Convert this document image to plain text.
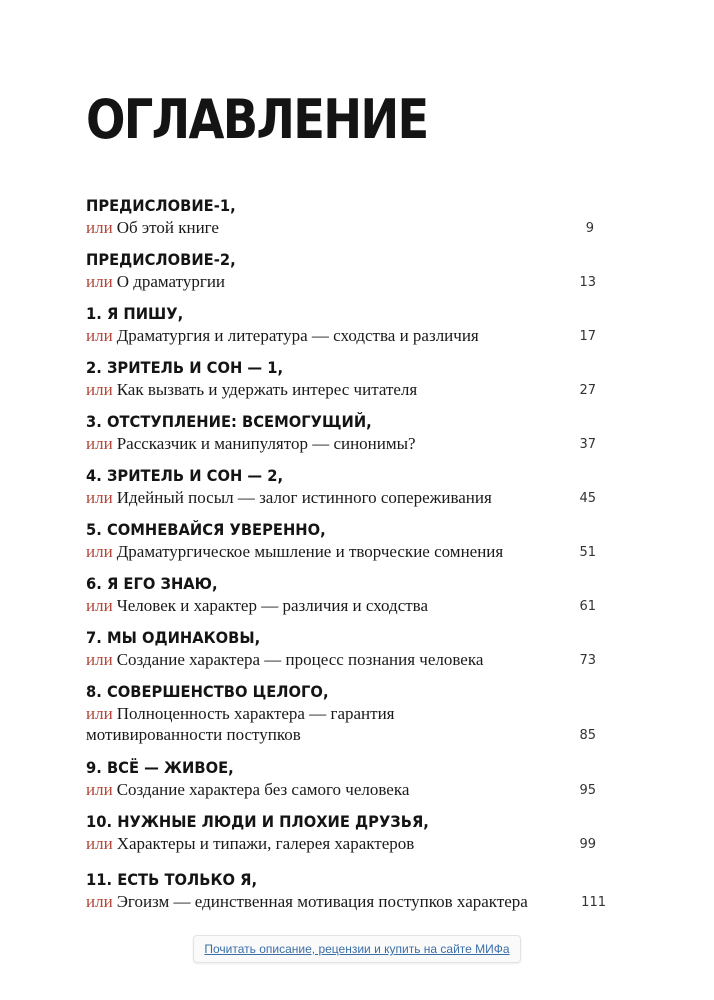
ОГЛАВЛЕНИЕ
ПРЕДИСЛОВИЕ-1,
или Об этой книге	9
ПРЕДИСЛОВИЕ-2,
или О драматургии	13
1. Я ПИШУ,
или Драматургия и литература — сходства и различия	17
2. ЗРИТЕЛЬ И СОН — 1,
или Как вызвать и удержать интерес читателя	27
3. ОТСТУПЛЕНИЕ: ВСЕМОГУЩИЙ,
или Рассказчик и манипулятор — синонимы?	37
4. ЗРИТЕЛЬ И СОН — 2,
или Идейный посыл — залог истинного сопереживания	45
5. СОМНЕВАЙСЯ УВЕРЕННО,
или Драматургическое мышление и творческие сомнения	51
6. Я ЕГО ЗНАЮ,
или Человек и характер — различия и сходства	61
7. МЫ ОДИНАКОВЫ,
или Создание характера — процесс познания человека	73
8. СОВЕРШЕНСТВО ЦЕЛОГО,
или Полноценность характера — гарантия мотивированности поступков	85
9. ВСЁ — ЖИВОЕ,
или Создание характера без самого человека	95
10. НУЖНЫЕ ЛЮДИ И ПЛОХИЕ ДРУЗЬЯ,
или Характеры и типажи, галерея характеров	99
11. ЕСТЬ ТОЛЬКО Я,
или Эгоизм — единственная мотивация поступков характера	111
Почитать описание, рецензии и купить на сайте МИФа
